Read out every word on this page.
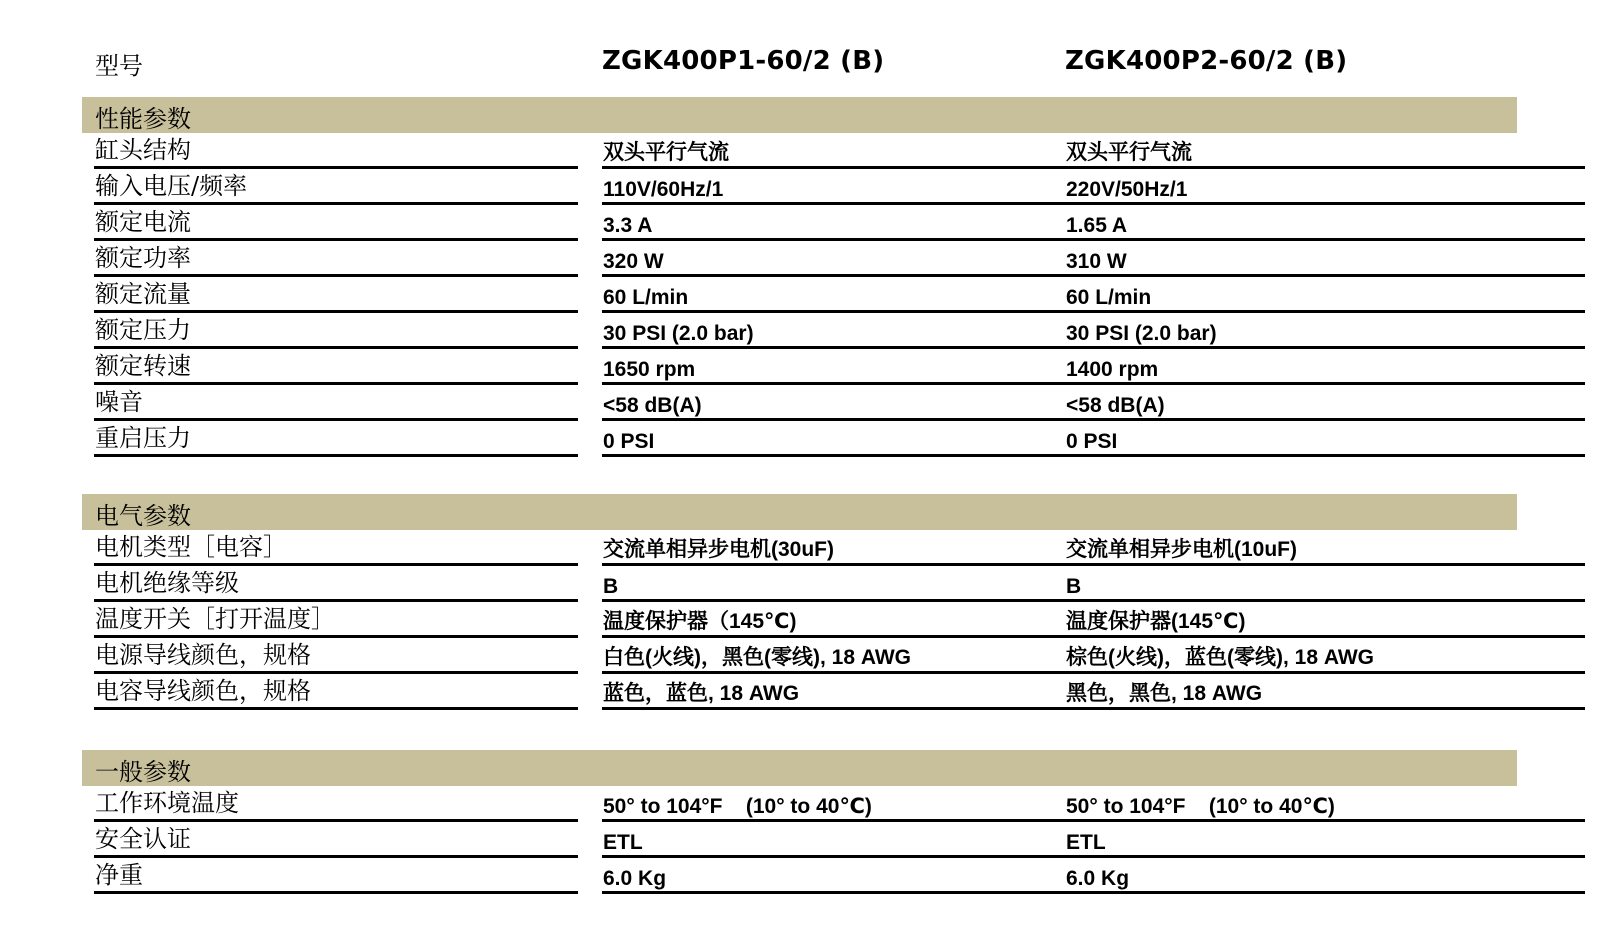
型号	ZGK400P1-60/2 (B)	ZGK400P2-60/2 (B)
性能参数
缸头结构	双头平行气流	双头平行气流
输入电压/频率	110V/60Hz/1	220V/50Hz/1
额定电流	3.3 A	1.65 A
额定功率	320 W	310 W
额定流量	60 L/min	60 L/min
额定压力	30 PSI (2.0 bar)	30 PSI (2.0 bar)
额定转速	1650 rpm	1400 rpm
噪音	<58 dB(A)	<58 dB(A)
重启压力	0 PSI	0 PSI
电气参数
电机类型［电容］	交流单相异步电机(30uF)	交流单相异步电机(10uF)
电机绝缘等级	B	B
温度开关［打开温度］	温度保护器（145℃)	温度保护器(145℃)
电源导线颜色，规格	白色(火线)，黑色(零线), 18 AWG	棕色(火线)，蓝色(零线), 18 AWG
电容导线颜色，规格	蓝色，蓝色, 18 AWG	黑色，黑色, 18 AWG
一般参数
工作环境温度	50° to 104°F    (10° to 40℃)	50° to 104°F    (10° to 40℃)
安全认证	ETL	ETL
净重	6.0 Kg	6.0 Kg
